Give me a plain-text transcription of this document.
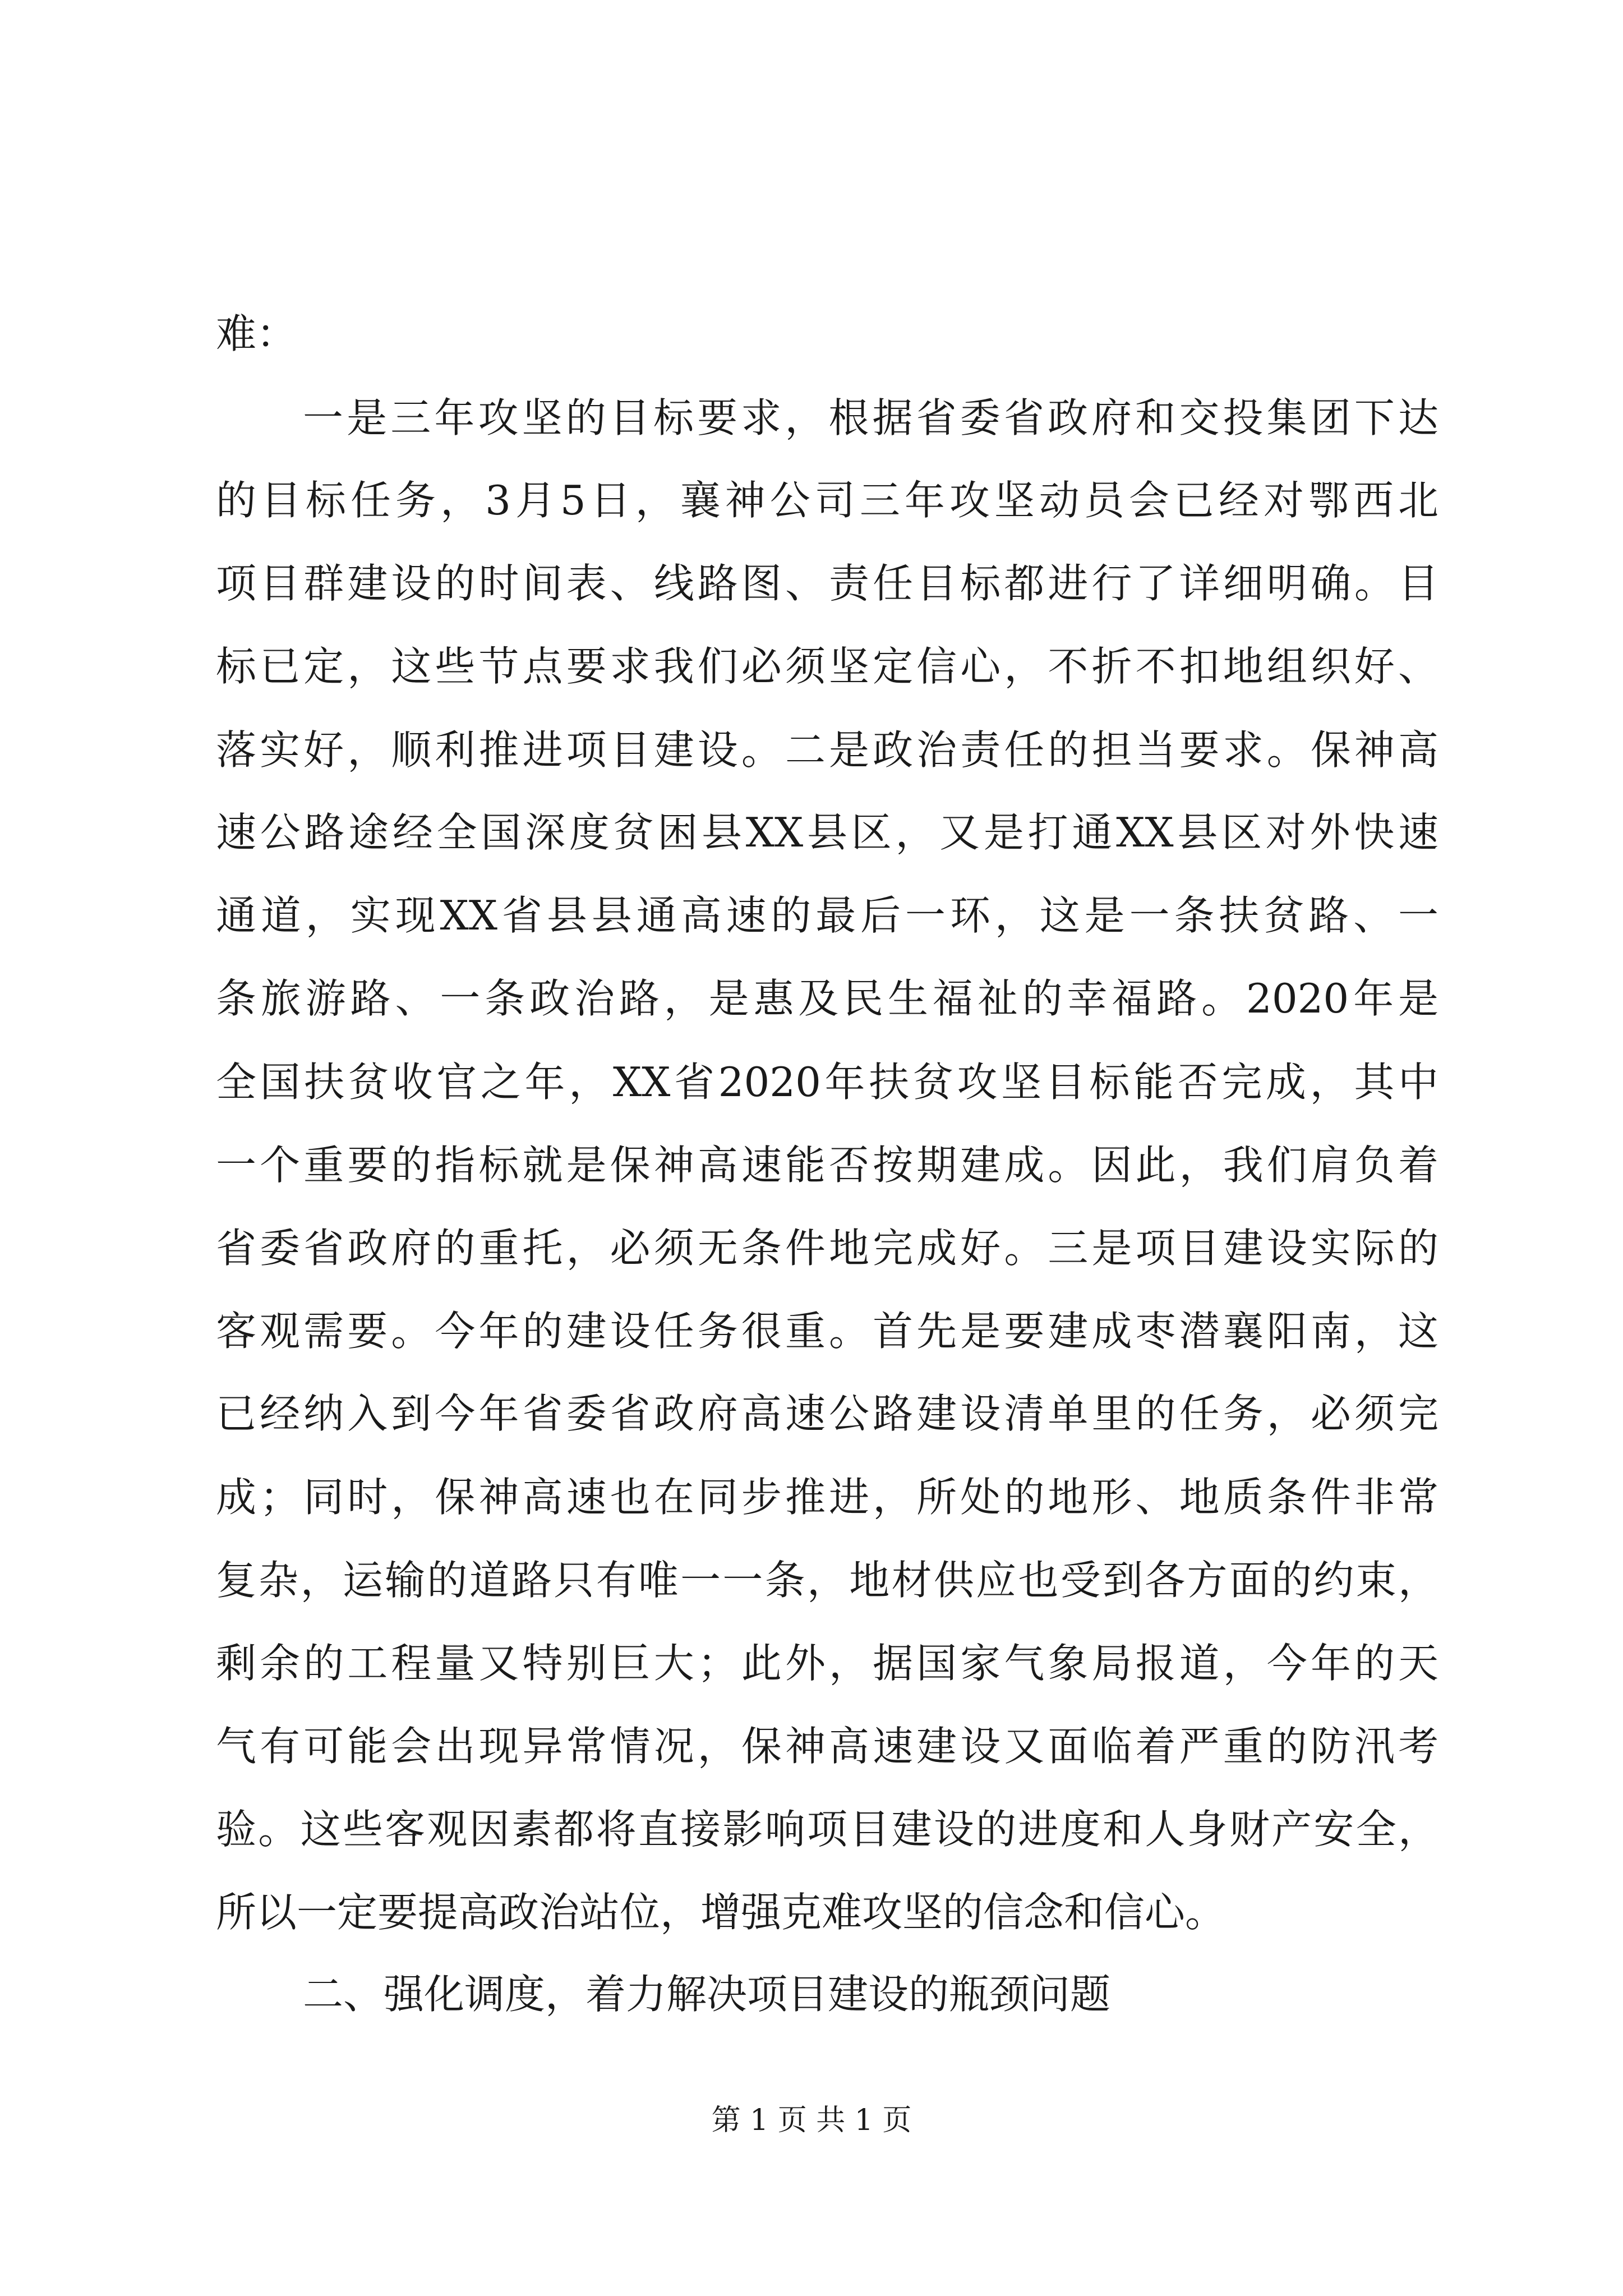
难：
一是三年攻坚的目标要求，根据省委省政府和交投集团下达
的目标任务，3月5日，襄神公司三年攻坚动员会已经对鄂西北
项目群建设的时间表、线路图、责任目标都进行了详细明确。目
标已定，这些节点要求我们必须坚定信心，不折不扣地组织好、
落实好，顺利推进项目建设。二是政治责任的担当要求。保神高
速公路途经全国深度贫困县XX县区，又是打通XX县区对外快速
通道，实现XX省县县通高速的最后一环，这是一条扶贫路、一
条旅游路、一条政治路，是惠及民生福祉的幸福路。2020年是
全国扶贫收官之年，XX省2020年扶贫攻坚目标能否完成，其中
一个重要的指标就是保神高速能否按期建成。因此，我们肩负着
省委省政府的重托，必须无条件地完成好。三是项目建设实际的
客观需要。今年的建设任务很重。首先是要建成枣潜襄阳南，这
已经纳入到今年省委省政府高速公路建设清单里的任务，必须完
成；同时，保神高速也在同步推进，所处的地形、地质条件非常
复杂，运输的道路只有唯一一条，地材供应也受到各方面的约束，
剩余的工程量又特别巨大；此外，据国家气象局报道，今年的天
气有可能会出现异常情况，保神高速建设又面临着严重的防汛考
验。这些客观因素都将直接影响项目建设的进度和人身财产安全，
所以一定要提高政治站位，增强克难攻坚的信念和信心。
二、强化调度，着力解决项目建设的瓶颈问题
第 1 页 共 1 页
